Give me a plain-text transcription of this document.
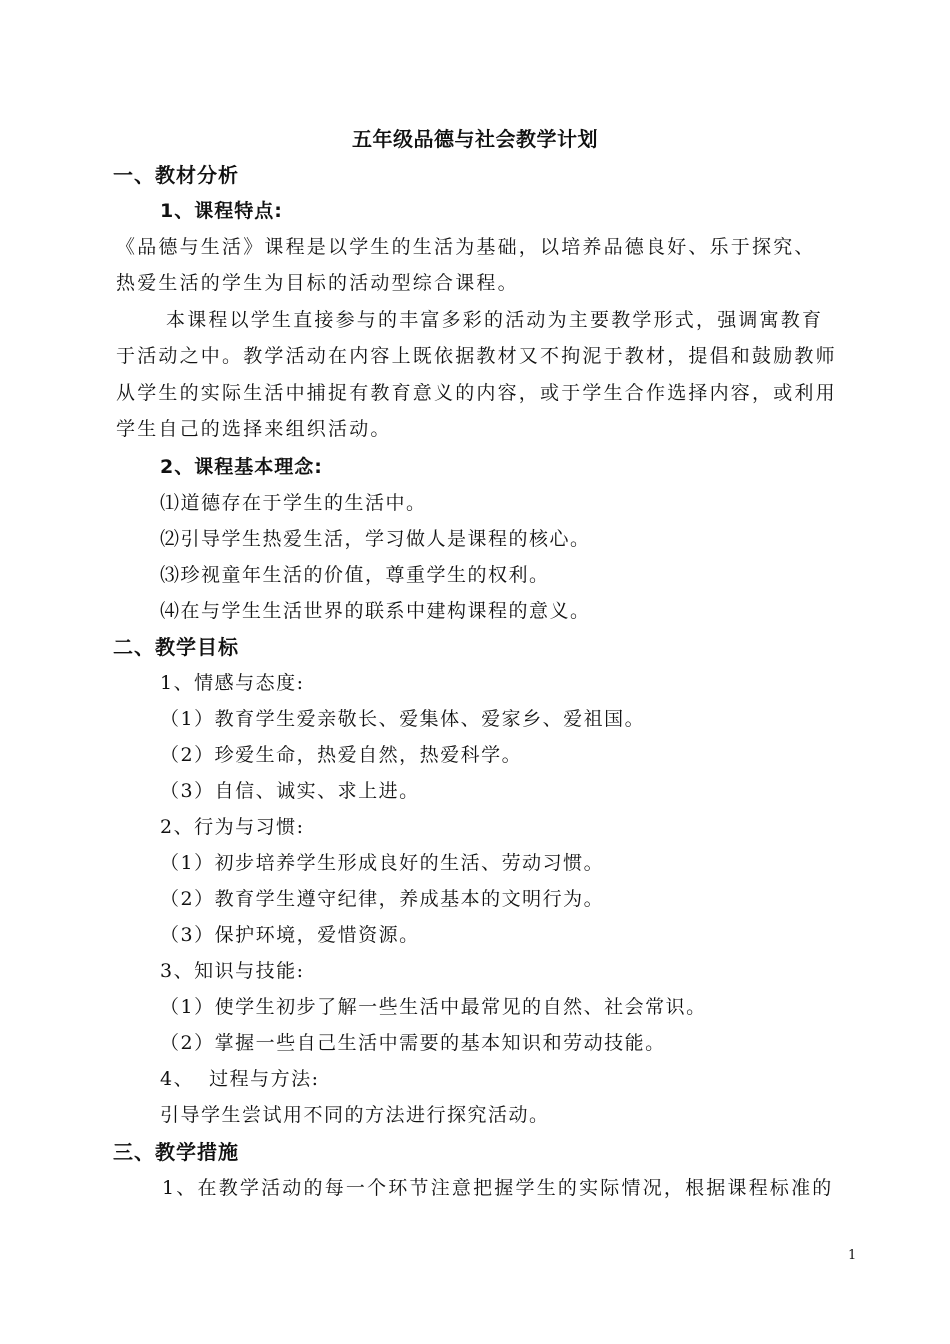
五年级品德与社会教学计划
一、教材分析
1、课程特点:
《品德与生活》课程是以学生的生活为基础，以培养品德良好、乐于探究、
热爱生活的学生为目标的活动型综合课程。
本课程以学生直接参与的丰富多彩的活动为主要教学形式，强调寓教育
于活动之中。教学活动在内容上既依据教材又不拘泥于教材，提倡和鼓励教师
从学生的实际生活中捕捉有教育意义的内容，或于学生合作选择内容，或利用
学生自己的选择来组织活动。
2、课程基本理念:
⑴道德存在于学生的生活中。
⑵引导学生热爱生活，学习做人是课程的核心。
⑶珍视童年生活的价值，尊重学生的权利。
⑷在与学生生活世界的联系中建构课程的意义。
二、教学目标
1、情感与态度:
（1）教育学生爱亲敬长、爱集体、爱家乡、爱祖国。
（2）珍爱生命，热爱自然，热爱科学。
（3）自信、诚实、求上进。
2、行为与习惯:
（1）初步培养学生形成良好的生活、劳动习惯。
（2）教育学生遵守纪律，养成基本的文明行为。
（3）保护环境，爱惜资源。
3、知识与技能:
（1）使学生初步了解一些生活中最常见的自然、社会常识。
（2）掌握一些自己生活中需要的基本知识和劳动技能。
4、  过程与方法:
引导学生尝试用不同的方法进行探究活动。
三、教学措施
1、在教学活动的每一个环节注意把握学生的实际情况，根据课程标准的
1
